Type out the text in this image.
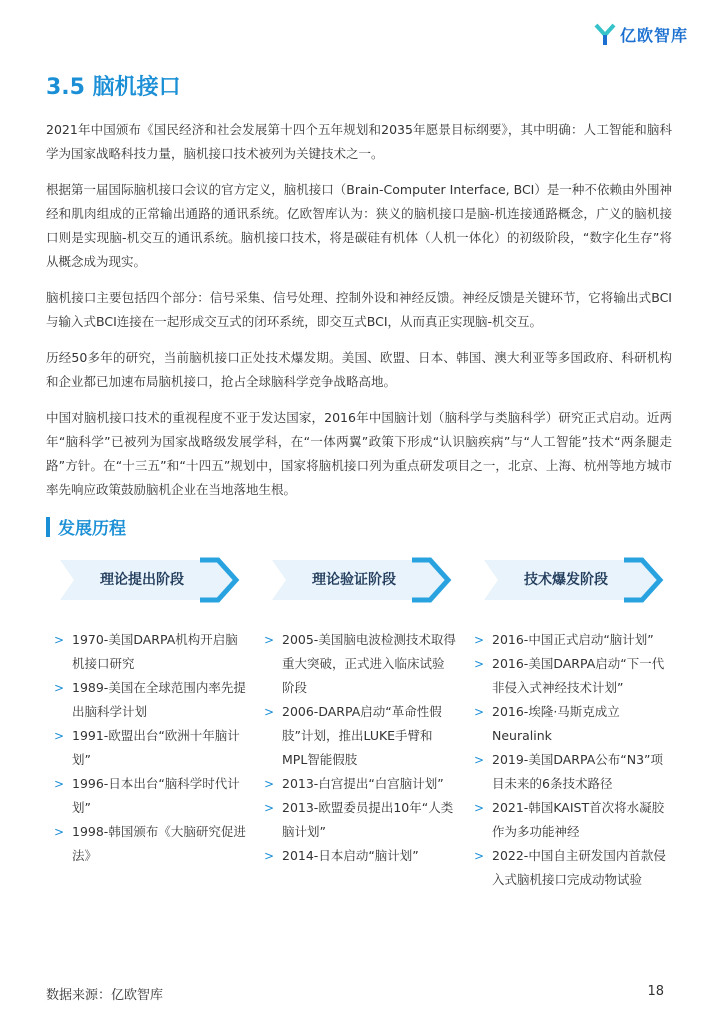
亿欧智库
3.5 脑机接口

2021年中国颁布《国民经济和社会发展第十四个五年规划和2035年愿景目标纲要》，其中明确：人工智能和脑科学为国家战略科技力量，脑机接口技术被列为关键技术之一。

根据第一届国际脑机接口会议的官方定义，脑机接口（Brain-Computer Interface, BCI）是一种不依赖由外围神经和肌肉组成的正常输出通路的通讯系统。亿欧智库认为：狭义的脑机接口是脑-机连接通路概念，广义的脑机接口则是实现脑-机交互的通讯系统。脑机接口技术，将是碳硅有机体（人机一体化）的初级阶段，“数字化生存”将从概念成为现实。

脑机接口主要包括四个部分：信号采集、信号处理、控制外设和神经反馈。神经反馈是关键环节，它将输出式BCI与输入式BCI连接在一起形成交互式的闭环系统，即交互式BCI，从而真正实现脑-机交互。

历经50多年的研究，当前脑机接口正处技术爆发期。美国、欧盟、日本、韩国、澳大利亚等多国政府、科研机构和企业都已加速布局脑机接口，抢占全球脑科学竞争战略高地。

中国对脑机接口技术的重视程度不亚于发达国家，2016年中国脑计划（脑科学与类脑科学）研究正式启动。近两年“脑科学”已被列为国家战略级发展学科，在“一体两翼”政策下形成“认识脑疾病”与“人工智能”技术“两条腿走路”方针。在“十三五”和“十四五”规划中，国家将脑机接口列为重点研发项目之一，北京、上海、杭州等地方城市率先响应政策鼓励脑机企业在当地落地生根。

发展历程
理论提出阶段	理论验证阶段	技术爆发阶段
> 1970-美国DARPA机构开启脑机接口研究
> 1989-美国在全球范围内率先提出脑科学计划
> 1991-欧盟出台“欧洲十年脑计划”
> 1996-日本出台“脑科学时代计划”
> 1998-韩国颁布《大脑研究促进法》
> 2005-美国脑电波检测技术取得重大突破，正式进入临床试验阶段
> 2006-DARPA启动“革命性假肢”计划，推出LUKE手臂和MPL智能假肢
> 2013-白宫提出“白宫脑计划”
> 2013-欧盟委员提出10年“人类脑计划”
> 2014-日本启动“脑计划”
> 2016-中国正式启动“脑计划”
> 2016-美国DARPA启动“下一代非侵入式神经技术计划”
> 2016-埃隆·马斯克成立Neuralink
> 2019-美国DARPA公布“N3”项目未来的6条技术路径
> 2021-韩国KAIST首次将水凝胶作为多功能神经
> 2022-中国自主研发国内首款侵入式脑机接口完成动物试验
数据来源：亿欧智库	18
